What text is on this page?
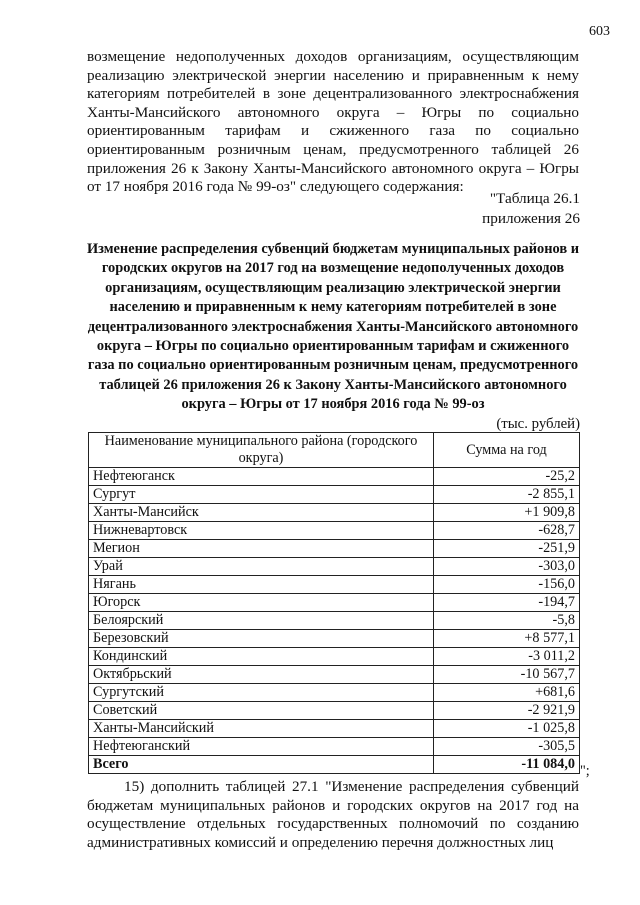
603

возмещение недополученных доходов организациям, осуществляющим реализацию электрической энергии населению и приравненным к нему категориям потребителей в зоне децентрализованного электроснабжения Ханты-Мансийского автономного округа – Югры по социально ориентированным тарифам и сжиженного газа по социально ориентированным розничным ценам, предусмотренного таблицей 26 приложения 26 к Закону Ханты-Мансийского автономного округа – Югры от 17 ноября 2016 года № 99-оз" следующего содержания:

"Таблица 26.1
приложения 26
Изменение распределения субвенций бюджетам муниципальных районов и городских округов на 2017 год на возмещение недополученных доходов организациям, осуществляющим реализацию электрической энергии населению и приравненным к нему категориям потребителей в зоне децентрализованного электроснабжения Ханты-Мансийского автономного округа – Югры по социально ориентированным тарифам и сжиженного газа по социально ориентированным розничным ценам, предусмотренного таблицей 26 приложения 26 к Закону Ханты-Мансийского автономного округа – Югры от 17 ноября 2016 года № 99-оз
(тыс. рублей)
Наименование муниципального района (городского округа)	Сумма на год
Нефтеюганск	-25,2
Сургут	-2 855,1
Ханты-Мансийск	+1 909,8
Нижневартовск	-628,7
Мегион	-251,9
Урай	-303,0
Нягань	-156,0
Югорск	-194,7
Белоярский	-5,8
Березовский	+8 577,1
Кондинский	-3 011,2
Октябрьский	-10 567,7
Сургутский	+681,6
Советский	-2 921,9
Ханты-Мансийский	-1 025,8
Нефтеюганский	-305,5
Всего	-11 084,0 ";

15) дополнить таблицей 27.1 "Изменение распределения субвенций бюджетам муниципальных районов и городских округов на 2017 год на осуществление отдельных государственных полномочий по созданию административных комиссий и определению перечня должностных лиц
